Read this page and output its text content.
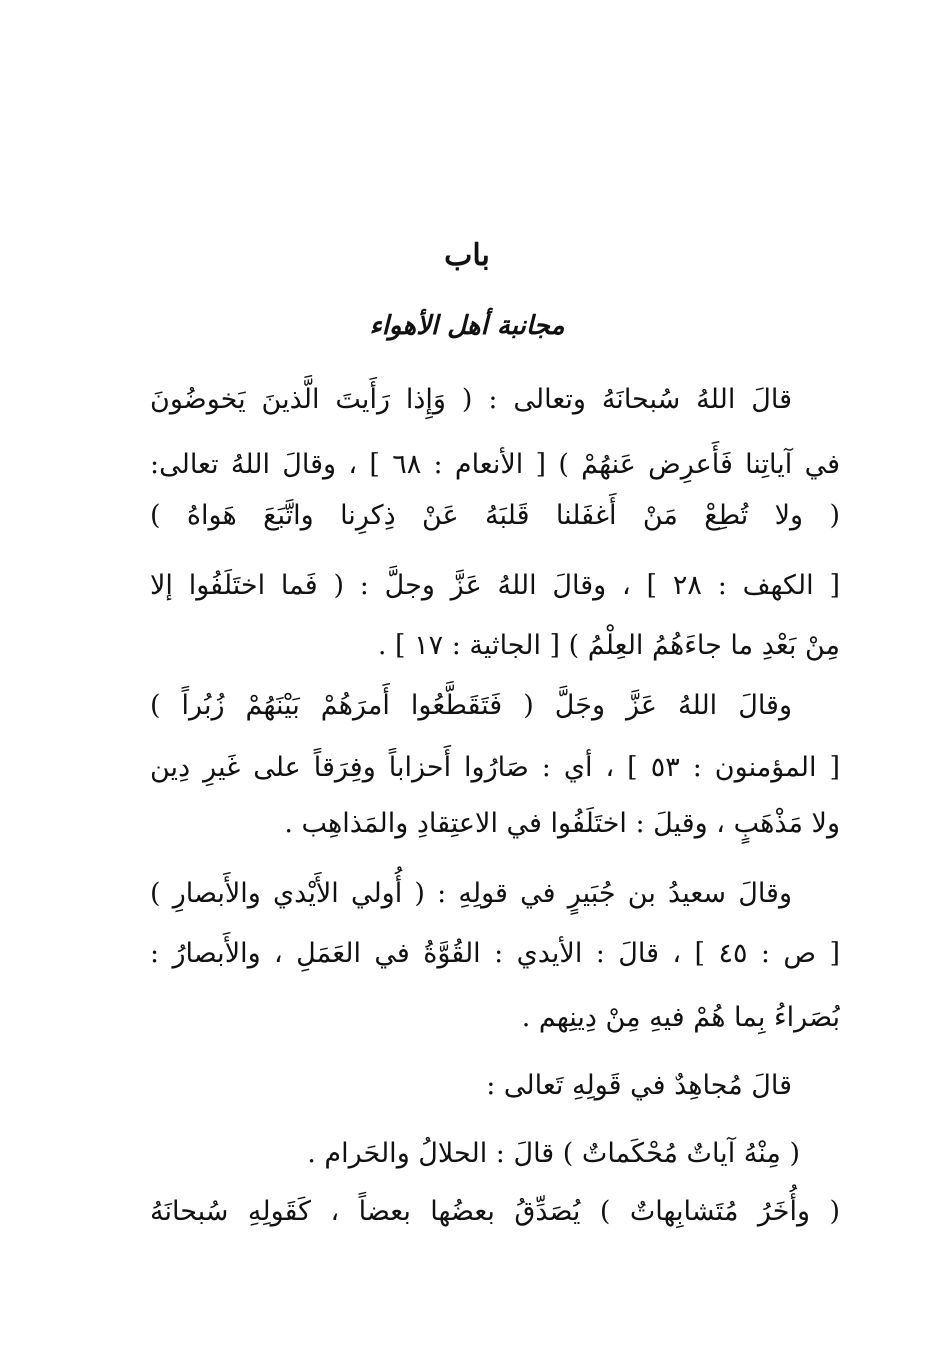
باب
مجانبة أهل الأهواء
قالَ اللهُ سُبحانَهُ وتعالى : ( وَإِذا رَأَيتَ الَّذينَ يَخوضُونَ
في آياتِنا فَأَعرِض عَنهُمْ ) [ الأنعام : ٦٨ ] ، وقالَ اللهُ تعالى:
( ولا تُطِعْ مَنْ أَغفَلنا قَلبَهُ عَنْ ذِكرِنا واتَّبَعَ هَواهُ )
[ الكهف : ٢٨ ] ، وقالَ اللهُ عَزَّ وجلَّ : ( فَما اختَلَفُوا إلا
مِنْ بَعْدِ ما جاءَهُمُ العِلْمُ ) [ الجاثية : ١٧ ] .
وقالَ اللهُ عَزَّ وجَلَّ ( فَتَقَطَّعُوا أَمرَهُمْ بَيْنَهُمْ زُبُراً )
[ المؤمنون : ٥٣ ] ، أي : صَارُوا أَحزاباً وفِرَقاً على غَيرِ دِين
ولا مَذْهَبٍ ، وقيلَ : اختَلَفُوا في الاعتِقادِ والمَذاهِب .
وقالَ سعيدُ بن جُبَيرٍ في قولِهِ : ( أُولي الأَيْدي والأَبصارِ )
[ ص : ٤٥ ] ، قالَ : الأيدي : القُوَّةُ في العَمَلِ ، والأَبصارُ :
بُصَراءُ بِما هُمْ فيهِ مِنْ دِينِهم .
قالَ مُجاهِدٌ في قَولِهِ تَعالى :
( مِنْهُ آياتٌ مُحْكَماتٌ ) قالَ : الحلالُ والحَرام .
( وأُخَرُ مُتَشابِهاتٌ ) يُصَدِّقُ بعضُها بعضاً ، كَقَولِهِ سُبحانَهُ
